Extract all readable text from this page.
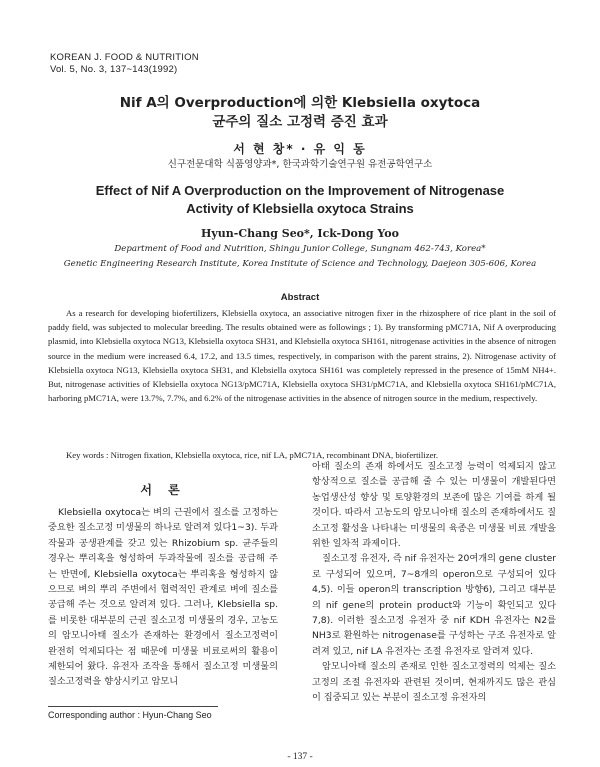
KOREAN J. FOOD & NUTRITION
Vol. 5, No. 3, 137~143(1992)
Nif A의 Overproduction에 의한 Klebsiella oxytoca
균주의 질소 고정력 증진 효과
서 현 창* · 유 익 동
신구전문대학 식품영양과*, 한국과학기술연구원 유전공학연구소
Effect of Nif A Overproduction on the Improvement of Nitrogenase
Activity of Klebsiella oxytoca Strains
Hyun-Chang Seo*, Ick-Dong Yoo
Department of Food and Nutrition, Shingu Junior College, Sungnam 462-743, Korea*
Genetic Engineering Research Institute, Korea Institute of Science and Technology, Daejeon 305-606, Korea
Abstract
As a research for developing biofertilizers, Klebsiella oxytoca, an associative nitrogen fixer in the rhizosphere of rice plant in the soil of paddy field, was subjected to molecular breeding. The results obtained were as followings ; 1). By transforming pMC71A, Nif A overproducing plasmid, into Klebsiella oxytoca NG13, Klebsiella oxytoca SH31, and Klebsiella oxytoca SH161, nitrogenase activities in the absence of nitrogen source in the medium were increased 6.4, 17.2, and 13.5 times, respectively, in comparison with the parent strains, 2). Nitrogenase activity of Klebsiella oxytoca NG13, Klebsiella oxytoca SH31, and Klebsiella oxytoca SH161 was completely repressed in the presence of 15mM NH4+. But, nitrogenase activities of Klebsiella oxytoca NG13/pMC71A, Klebsiella oxytoca SH31/pMC71A, and Klebsiella oxytoca SH161/pMC71A, harboring pMC71A, were 13.7%, 7.7%, and 6.2% of the nitrogenase activities in the absence of nitrogen source in the medium, respectively.
Key words : Nitrogen fixation, Klebsiella oxytoca, rice, nif LA, pMC71A, recombinant DNA, biofertilizer.
서 론

Klebsiella oxytoca는 벼의 근권에서 질소를 고정하는 중요한 질소고정 미생물의 하나로 알려져 있다1~3). 두과작물과 공생관계를 갖고 있는 Rhizobium sp. 균주들의 경우는 뿌리혹을 형성하여 두과작물에 질소를 공급해 주는 반면에, Klebsiella oxytoca는 뿌리혹을 형성하지 않으므로 벼의 뿌리 주변에서 협력적인 관계로 벼에 질소를 공급해 주는 것으로 알려져 있다. 그러나, Klebsiella sp.를 비롯한 대부분의 근권 질소고정 미생물의 경우, 고농도의 암모니아태 질소가 존재하는 환경에서 질소고정력이 완전히 억제되다는 점 때문에 미생물 비료로써의 활용이 제한되어 왔다. 유전자 조작을 통해서 질소고정 미생물의 질소고정력을 향상시키고 암모니

아태 질소의 존재 하에서도 질소고정 능력이 억제되지 않고 항상적으로 질소를 공급해 줄 수 있는 미생물이 개발된다면 농업생산성 향상 및 토양환경의 보존에 많은 기여를 하게 될 것이다. 따라서 고농도의 암모니아태 질소의 존재하에서도 질소고정 활성을 나타내는 미생물의 육종은 미생물 비료 개발을 위한 일차적 과제이다.

질소고정 유전자, 즉 nif 유전자는 20여개의 gene cluster로 구성되어 있으며, 7~8개의 operon으로 구성되어 있다4,5). 이들 operon의 transcription 방향6), 그리고 대부분의 nif gene의 protein product와 기능이 확인되고 있다7,8). 이러한 질소고정 유전자 중 nif KDH 유전자는 N2를 NH3로 환원하는 nitrogenase를 구성하는 구조 유전자로 알려져 있고, nif LA 유전자는 조절 유전자로 알려져 있다.

암모니아태 질소의 존재로 인한 질소고정력의 억제는 질소고정의 조절 유전자와 관련된 것이며, 현재까지도 많은 관심이 집중되고 있는 부분이 질소고정 유전자의

Corresponding author : Hyun-Chang Seo
- 137 -
